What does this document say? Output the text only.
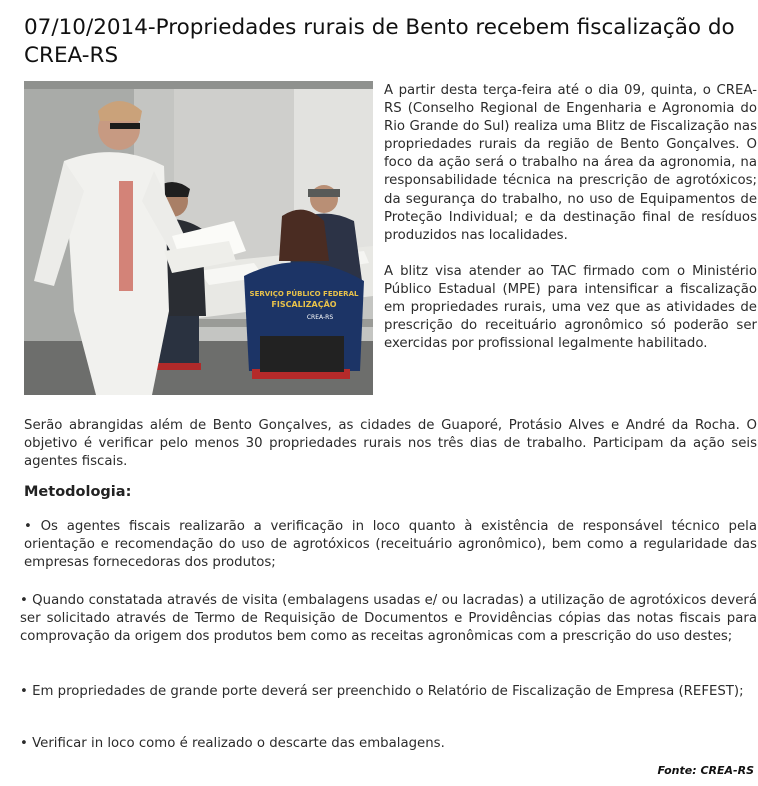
07/10/2014-Propriedades rurais de Bento recebem fiscalização do CREA-RS
SERVIÇO PÚBLICO FEDERAL
FISCALIZAÇÃO
CREA-RS

A partir desta terça-feira até o dia 09, quinta, o CREA-RS (Conselho Regional de Engenharia e Agronomia do Rio Grande do Sul) realiza uma Blitz de Fiscalização nas propriedades rurais da região de Bento Gonçalves. O foco da ação será o trabalho na área da agronomia, na responsabilidade técnica na prescrição de agrotóxicos; da segurança do trabalho, no uso de Equipamentos de Proteção Individual; e da destinação final de resíduos produzidos nas localidades.

A blitz visa atender ao TAC firmado com o Ministério Público Estadual (MPE) para intensificar a fiscalização em propriedades rurais, uma vez que as atividades de prescrição do receituário agronômico só poderão ser exercidas por profissional legalmente habilitado.

Serão abrangidas além de Bento Gonçalves, as cidades de Guaporé, Protásio Alves e André da Rocha. O objetivo é verificar pelo menos 30 propriedades rurais nos três dias de trabalho. Participam da ação seis agentes fiscais.

Metodologia:

• Os agentes fiscais realizarão a verificação in loco quanto à existência de responsável técnico pela orientação e recomendação do uso de agrotóxicos (receituário agronômico), bem como a regularidade das empresas fornecedoras dos produtos;

• Quando constatada através de visita (embalagens usadas e/ ou lacradas) a utilização de agrotóxicos deverá ser solicitado através de Termo de Requisição de Documentos e Providências cópias das notas fiscais para comprovação da origem dos produtos bem como as receitas agronômicas com a prescrição do uso destes;

• Em propriedades de grande porte deverá ser preenchido o Relatório de Fiscalização de Empresa (REFEST);

• Verificar in loco como é realizado o descarte das embalagens.

Fonte: CREA-RS
